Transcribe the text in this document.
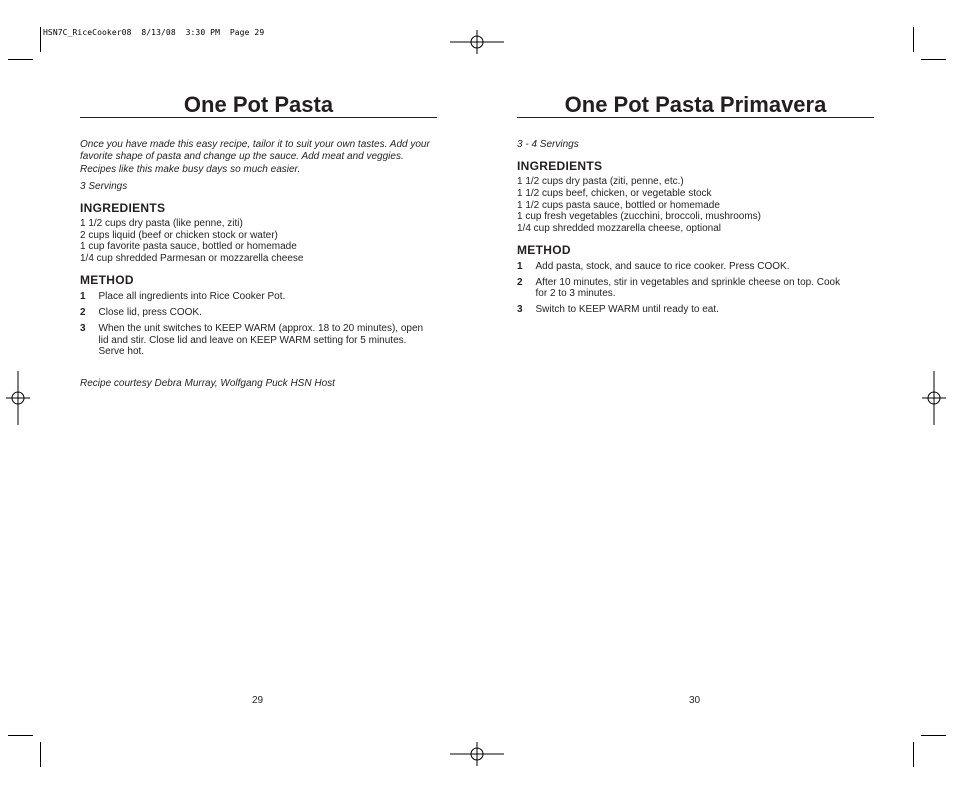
HSN7C_RiceCooker08  8/13/08  3:30 PM  Page 29
One Pot Pasta
Once you have made this easy recipe, tailor it to suit your own tastes. Add your favorite shape of pasta and change up the sauce. Add meat and veggies. Recipes like this make busy days so much easier.
3 Servings
INGREDIENTS
1 1/2 cups dry pasta (like penne, ziti)
2 cups liquid (beef or chicken stock or water)
1 cup favorite pasta sauce, bottled or homemade
1/4 cup shredded Parmesan or mozzarella cheese
METHOD
1	Place all ingredients into Rice Cooker Pot.
2	Close lid, press COOK.
3	When the unit switches to KEEP WARM (approx. 18 to 20 minutes), open lid and stir. Close lid and leave on KEEP WARM setting for 5 minutes. Serve hot.
Recipe courtesy Debra Murray, Wolfgang Puck HSN Host
29
One Pot Pasta Primavera
3 - 4 Servings
INGREDIENTS
1 1/2 cups dry pasta (ziti, penne, etc.)
1 1/2 cups beef, chicken, or vegetable stock
1 1/2 cups pasta sauce, bottled or homemade
1 cup fresh vegetables (zucchini, broccoli, mushrooms)
1/4 cup shredded mozzarella cheese, optional
METHOD
1	Add pasta, stock, and sauce to rice cooker. Press COOK.
2	After 10 minutes, stir in vegetables and sprinkle cheese on top. Cook for 2 to 3 minutes.
3	Switch to KEEP WARM until ready to eat.
30
